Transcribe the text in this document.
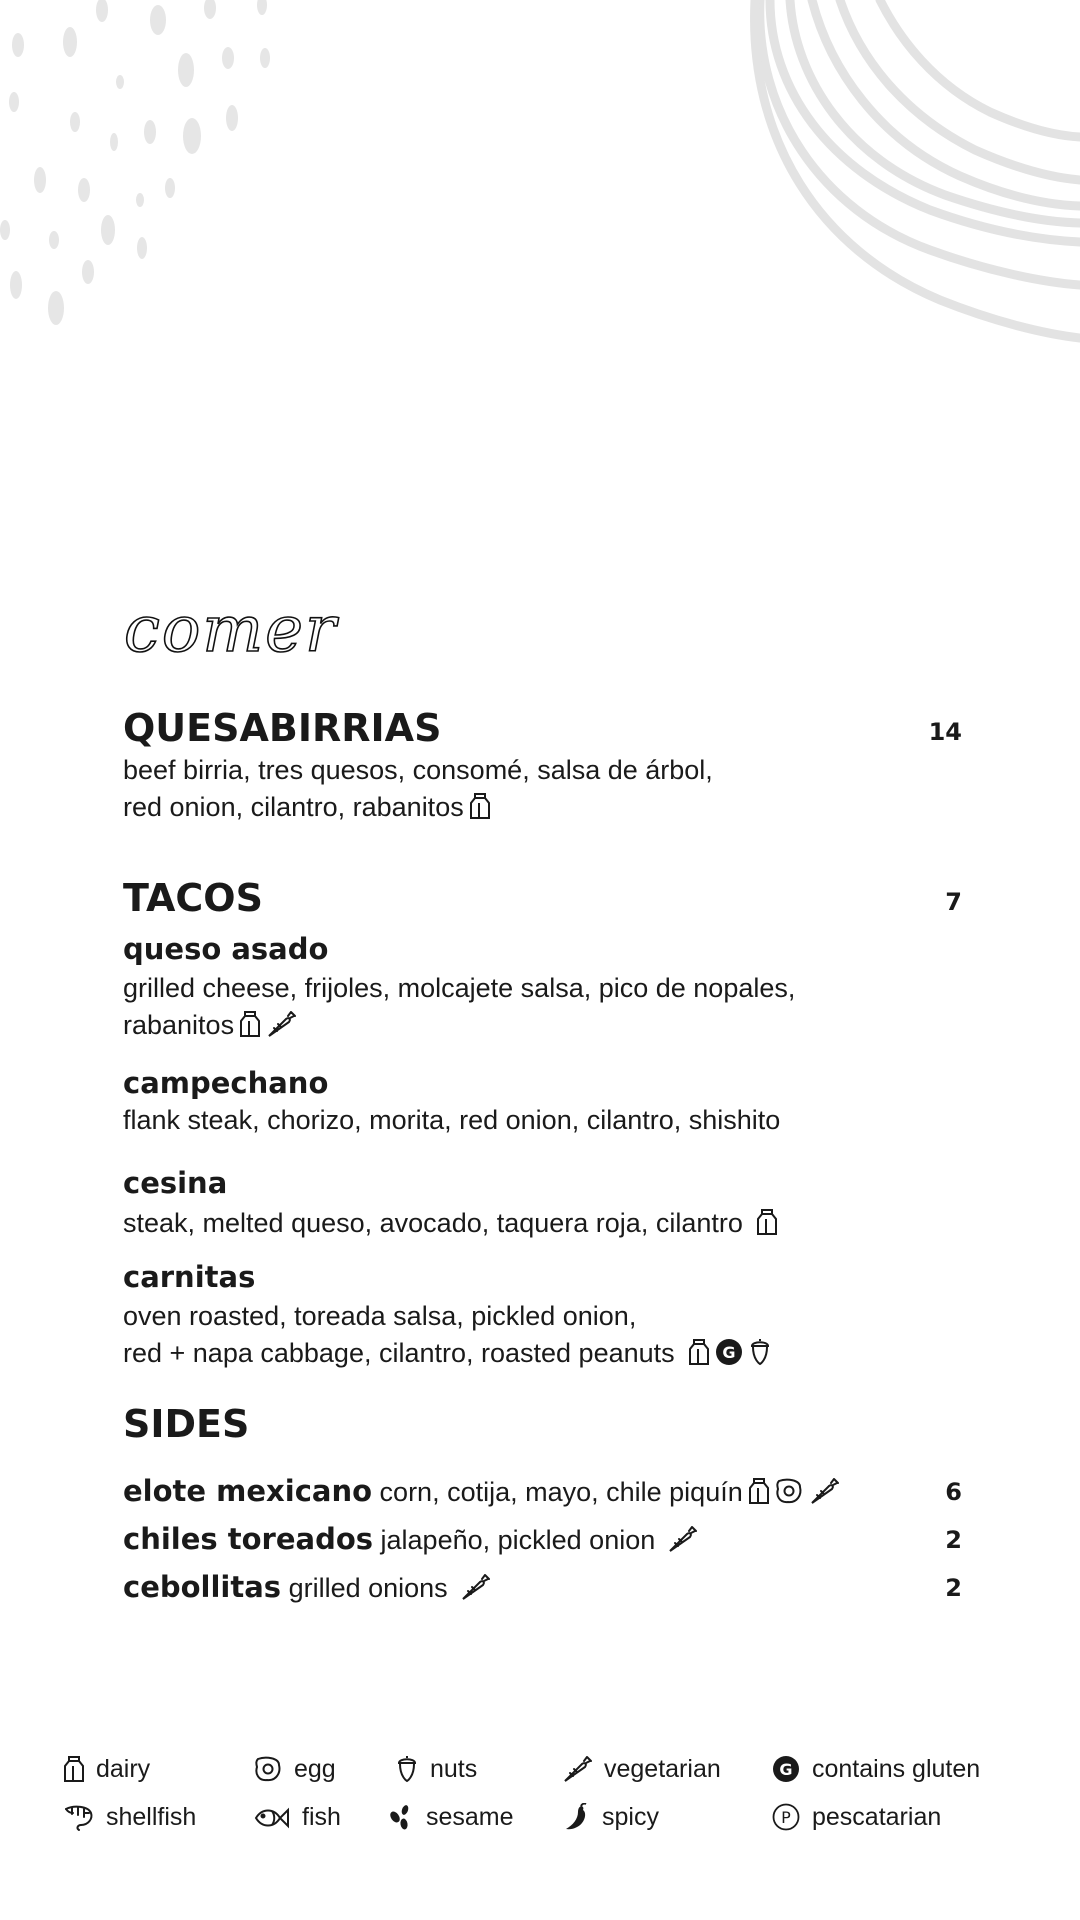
comer
QUESABIRRIAS	14
beef birria, tres quesos, consomé, salsa de árbol,
red onion, cilantro, rabanitos
TACOS	7
queso asado
grilled cheese, frijoles, molcajete salsa, pico de nopales,
rabanitos
campechano
flank steak, chorizo, morita, red onion, cilantro, shishito
cesina
steak, melted queso, avocado, taquera roja, cilantro
carnitas
oven roasted, toreada salsa, pickled onion,
red + napa cabbage, cilantro, roasted peanuts	G
SIDES
elote mexicano corn, cotija, mayo, chile piquín	6
chiles toreados jalapeño, pickled onion	2
cebollitas grilled onions	2
dairy	egg	nuts	vegetarian	G contains gluten
shellfish	fish	sesame	spicy	P pescatarian
